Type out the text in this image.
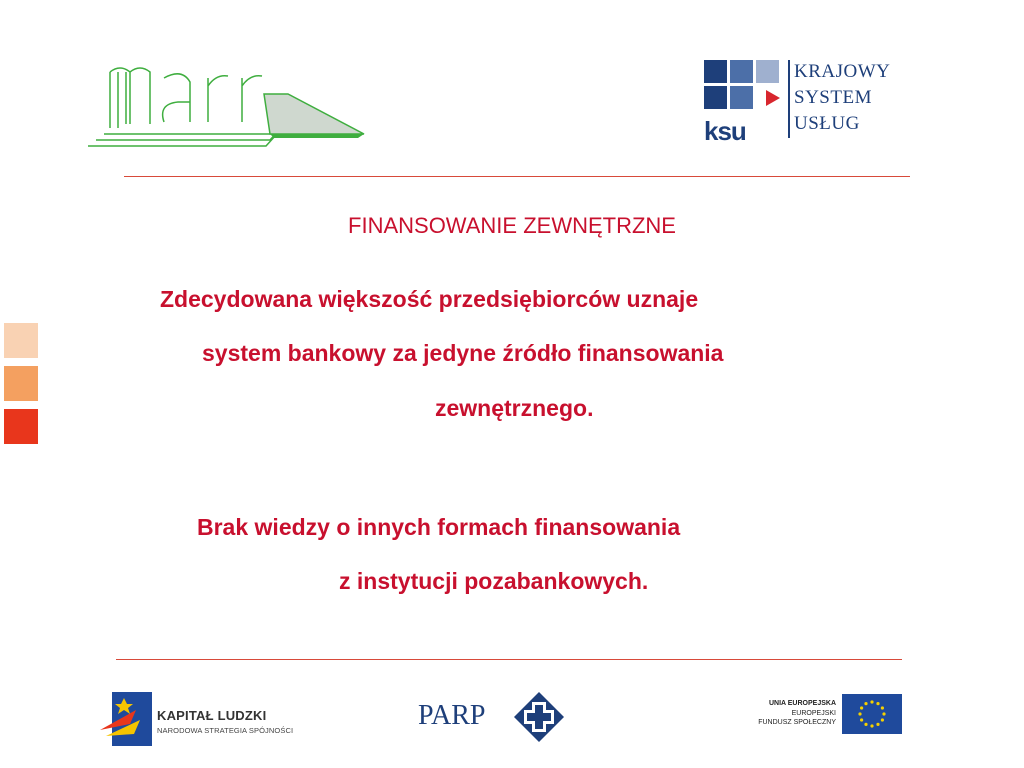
ksu
KRAJOWY
SYSTEM
USŁUG
FINANSOWANIE ZEWNĘTRZNE
Zdecydowana większość przedsiębiorców uznaje
system bankowy za jedyne źródło finansowania
zewnętrznego.
Brak wiedzy o innych formach finansowania
z instytucji pozabankowych.
KAPITAŁ LUDZKI
NARODOWA STRATEGIA SPÓJNOŚCI	PARP	UNIA EUROPEJSKA
EUROPEJSKI
FUNDUSZ SPOŁECZNY
